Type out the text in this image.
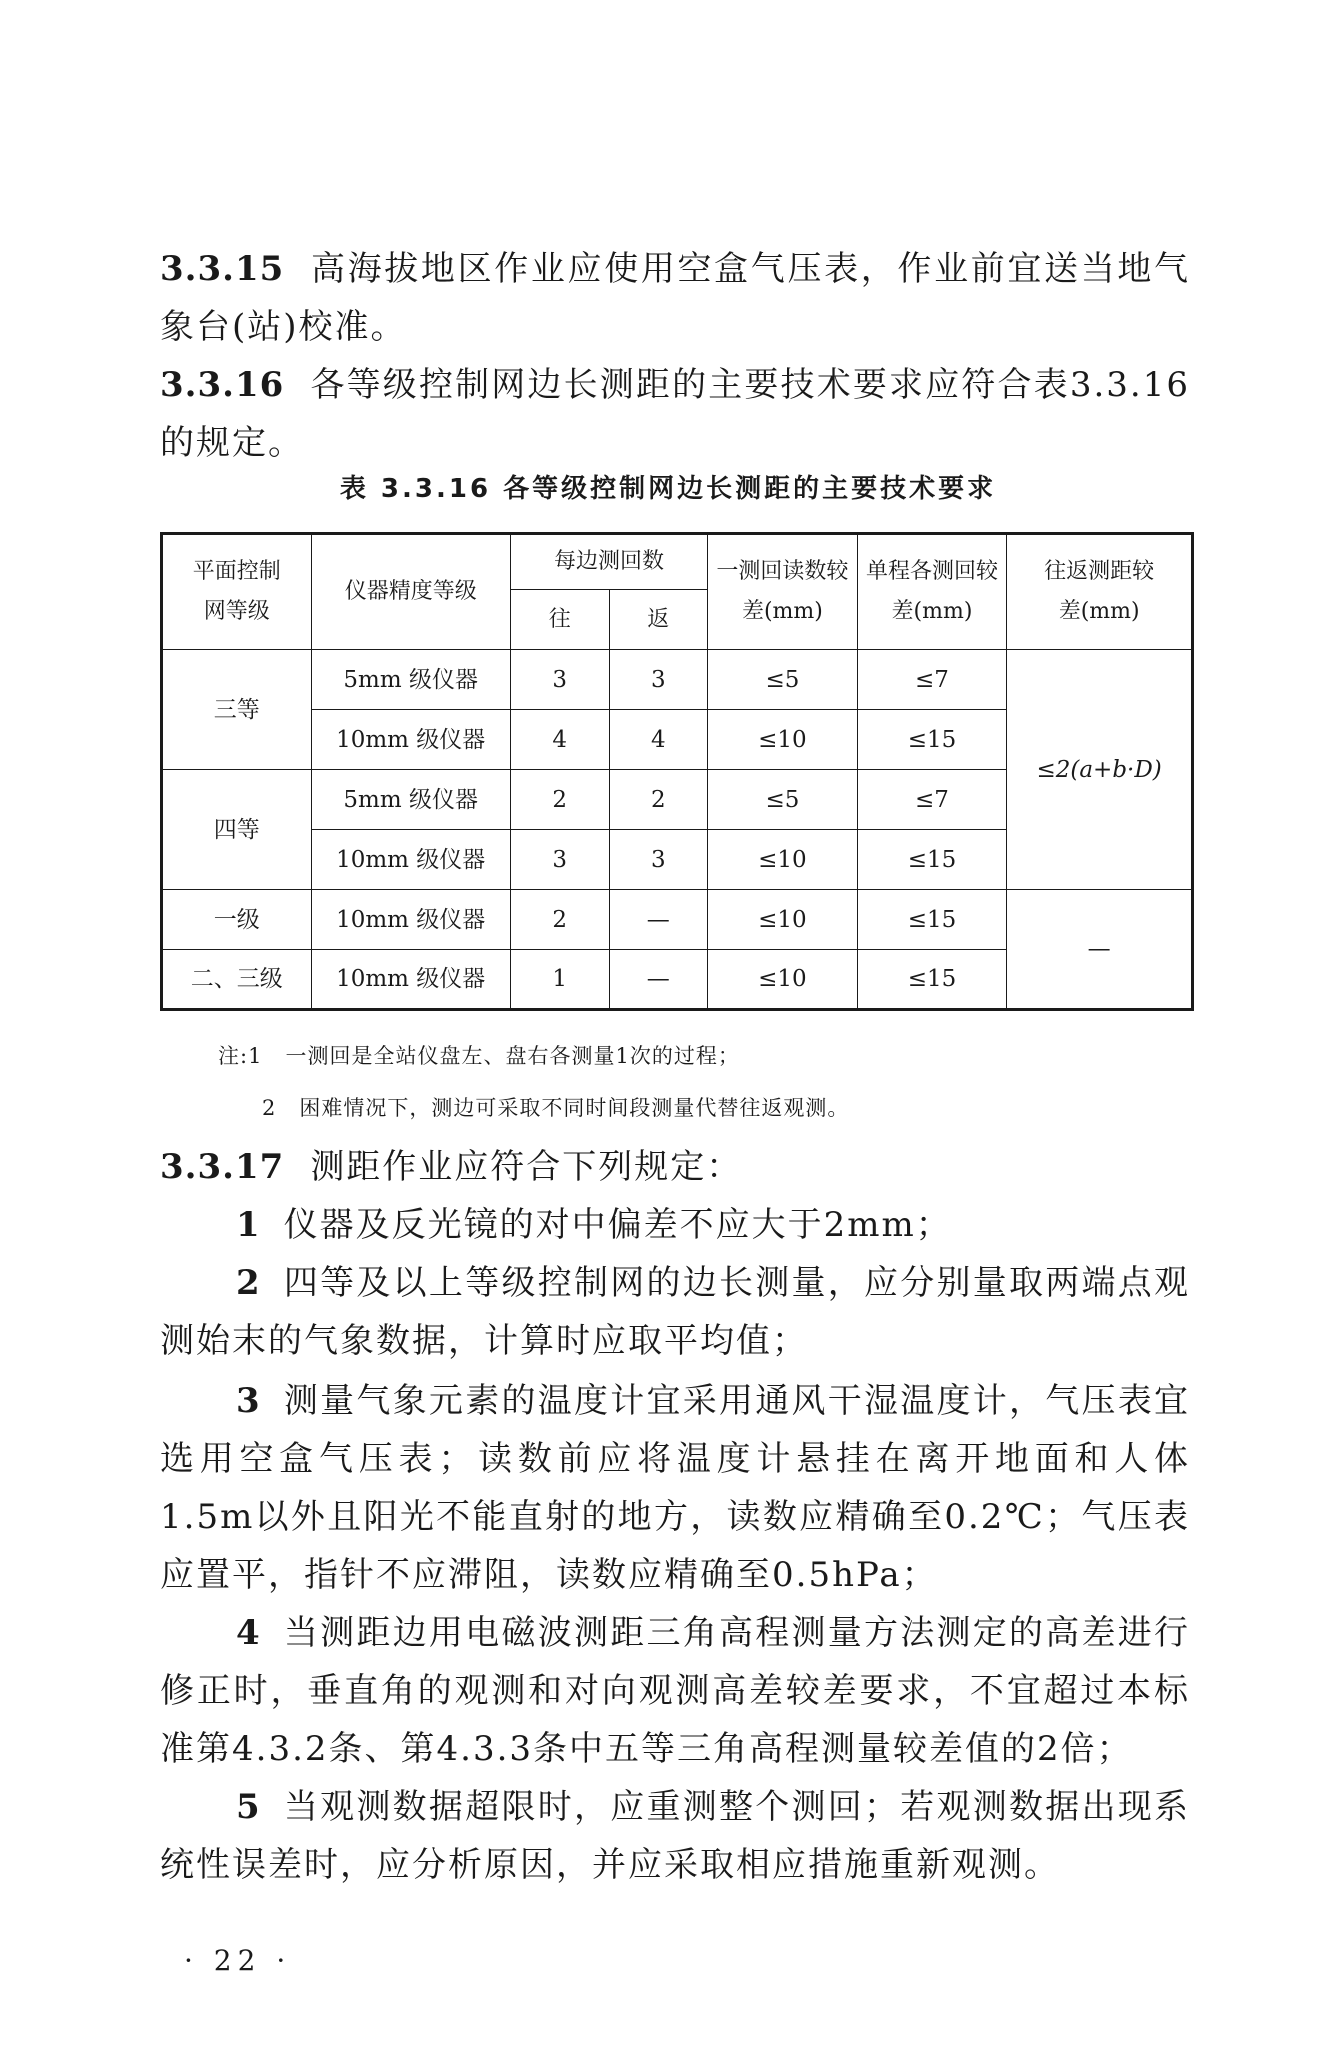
3.3.15 高海拔地区作业应使用空盒气压表，作业前宜送当地气象台(站)校准。
3.3.16 各等级控制网边长测距的主要技术要求应符合表3.3.16的规定。
表 3.3.16 各等级控制网边长测距的主要技术要求
平面控制网等级	仪器精度等级	每边测回数		一测回读数较差(mm)	单程各测回较差(mm)	往返测距较差(mm)
		往	返			
三等	5mm 级仪器	3	3	≤5	≤7	≤2(a+b·D)
	10mm 级仪器	4	4	≤10	≤15	
四等	5mm 级仪器	2	2	≤5	≤7	
	10mm 级仪器	3	3	≤10	≤15	
一级	10mm 级仪器	2	—	≤10	≤15	—
二、三级	10mm 级仪器	1	—	≤10	≤15	
注:1 一测回是全站仪盘左、盘右各测量1次的过程；
2 困难情况下，测边可采取不同时间段测量代替往返观测。
3.3.17 测距作业应符合下列规定：
1 仪器及反光镜的对中偏差不应大于2mm；
2 四等及以上等级控制网的边长测量，应分别量取两端点观测始末的气象数据，计算时应取平均值；
3 测量气象元素的温度计宜采用通风干湿温度计，气压表宜选用空盒气压表；读数前应将温度计悬挂在离开地面和人体1.5m以外且阳光不能直射的地方，读数应精确至0.2℃；气压表应置平，指针不应滞阻，读数应精确至0.5hPa；
4 当测距边用电磁波测距三角高程测量方法测定的高差进行修正时，垂直角的观测和对向观测高差较差要求，不宜超过本标准第4.3.2条、第4.3.3条中五等三角高程测量较差值的2倍；
5 当观测数据超限时，应重测整个测回；若观测数据出现系统性误差时，应分析原因，并应采取相应措施重新观测。
· 22 ·
